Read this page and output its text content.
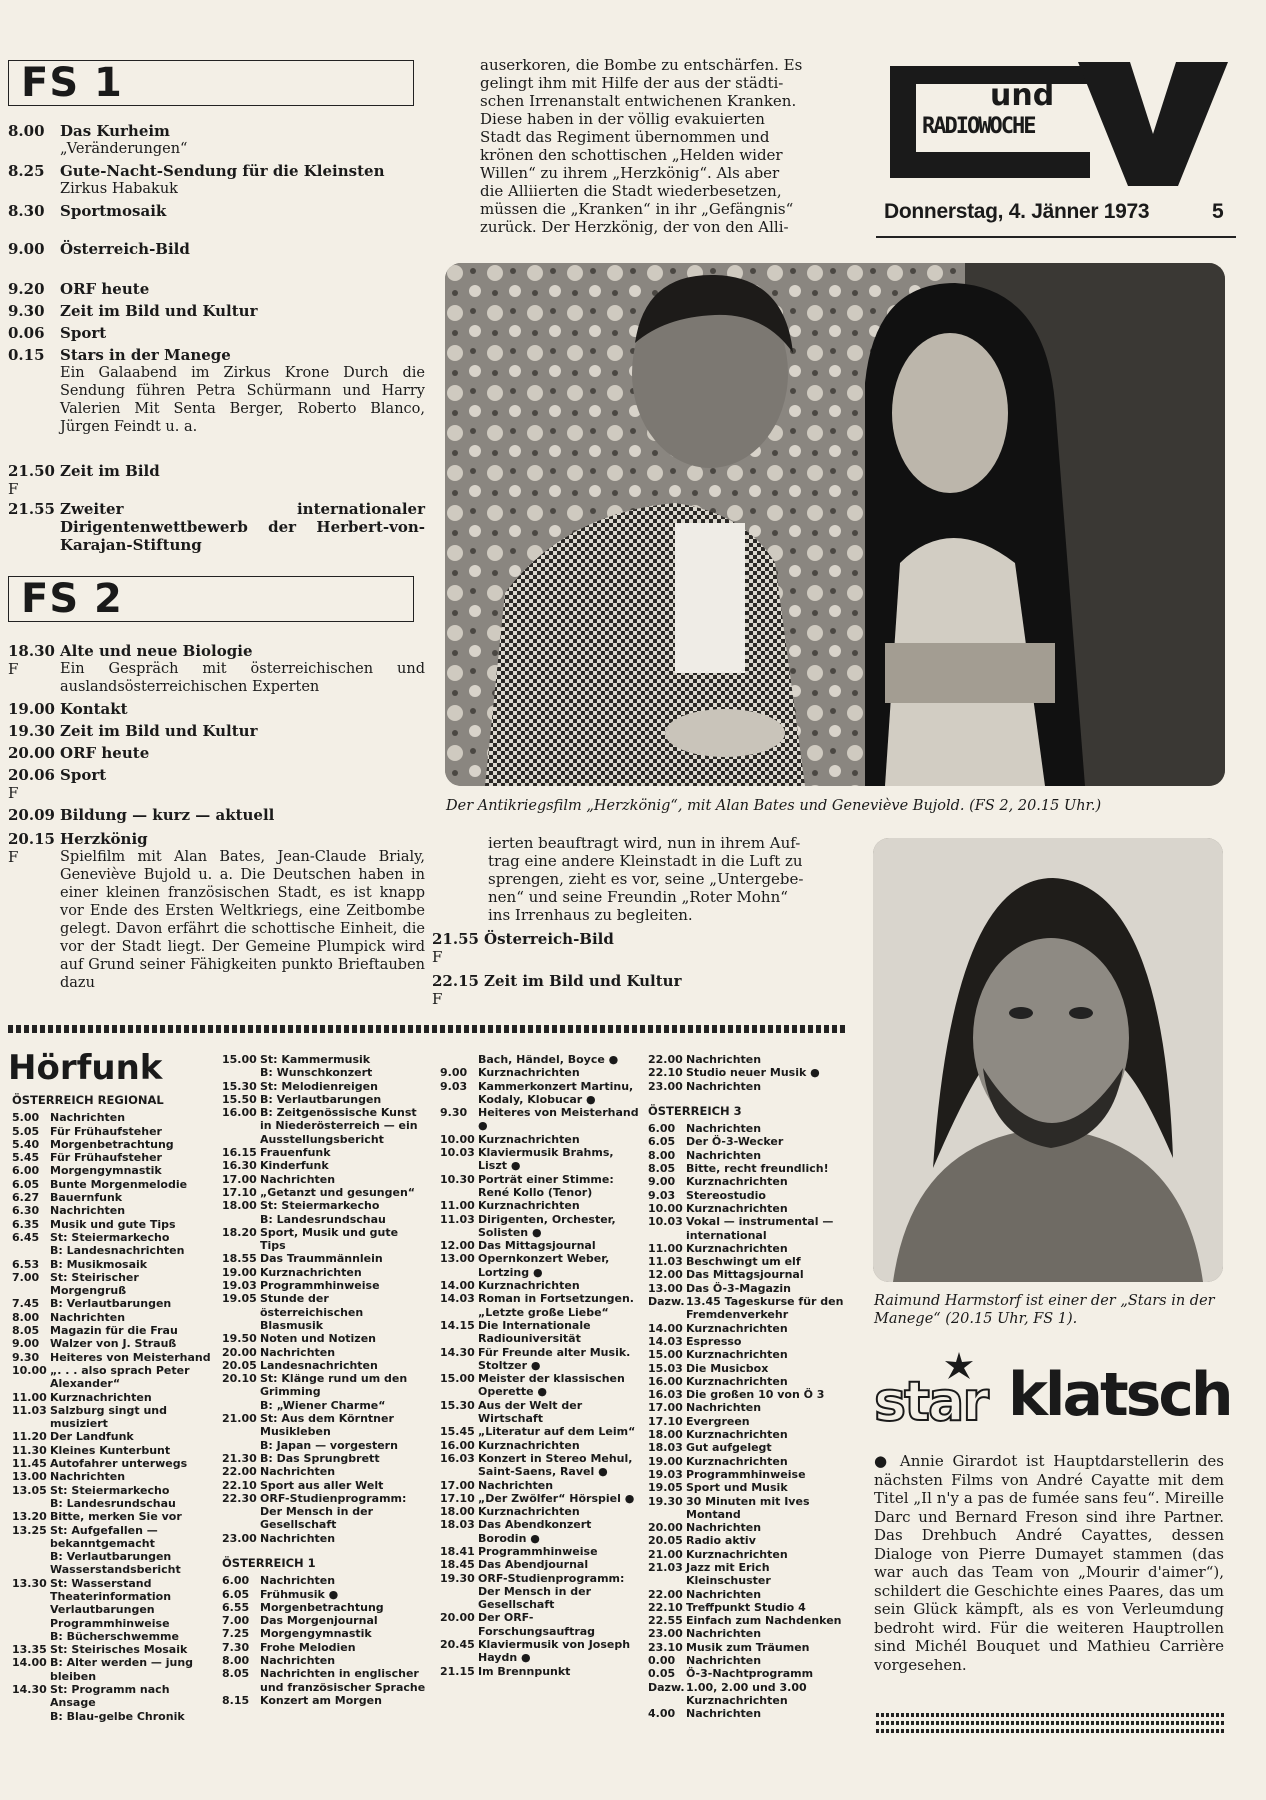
FS 1
8.00	Das Kurheim
„Veränderungen“
8.25	Gute-Nacht-Sendung für die Kleinsten
Zirkus Habakuk
8.30	Sportmosaik
9.00	Österreich-Bild
9.20	ORF heute
9.30	Zeit im Bild und Kultur
0.06	Sport
0.15	Stars in der Manege
Ein Galaabend im Zirkus Krone Durch die Sendung führen Petra Schürmann und Harry Valerien Mit Senta Berger, Roberto Blanco, Jürgen Feindt u. a.
21.50 Zeit im Bild
F
21.55 Zweiter internationaler Dirigentenwettbewerb der Herbert-von-Karajan-Stiftung
FS 2
18.30 Alte und neue Biologie
F	Ein Gespräch mit österreichischen und auslandsösterreichischen Experten
19.00 Kontakt
19.30 Zeit im Bild und Kultur
20.00 ORF heute
20.06 Sport
F
20.09 Bildung — kurz — aktuell
20.15 Herzkönig
F	Spielfilm mit Alan Bates, Jean-Claude Brialy, Geneviève Bujold u. a. Die Deutschen haben in einer kleinen französischen Stadt, es ist knapp vor Ende des Ersten Weltkriegs, eine Zeitbombe gelegt. Davon erfährt die schottische Einheit, die vor der Stadt liegt. Der Gemeine Plumpick wird auf Grund seiner Fähigkeiten punkto Brieftauben dazu
auserkoren, die Bombe zu entschärfen. Es
gelingt ihm mit Hilfe der aus der städti-
schen Irrenanstalt entwichenen Kranken.
Diese haben in der völlig evakuierten
Stadt das Regiment übernommen und
krönen den schottischen „Helden wider
Willen“ zu ihrem „Herzkönig“. Als aber
die Alliierten die Stadt wiederbesetzen,
müssen die „Kranken“ in ihr „Gefängnis“
zurück. Der Herzkönig, der von den Alli-
und
RADIOWOCHE
Donnerstag, 4. Jänner 1973	5
Der Antikriegsfilm „Herzkönig“, mit Alan Bates und Geneviève Bujold. (FS 2, 20.15 Uhr.)
ierten beauftragt wird, nun in ihrem Auf-
trag eine andere Kleinstadt in die Luft zu
sprengen, zieht es vor, seine „Untergebe-
nen“ und seine Freundin „Roter Mohn“
ins Irrenhaus zu begleiten.
21.55 Österreich-Bild
F
22.15 Zeit im Bild und Kultur
F
Raimund Harmstorf ist einer der „Stars in der Manege“ (20.15 Uhr, FS 1).
Hörfunk
ÖSTERREICH REGIONAL
5.00 Nachrichten
5.05 Für Frühaufsteher
5.40 Morgenbetrachtung
5.45 Für Frühaufsteher
6.00 Morgengymnastik
6.05 Bunte Morgenmelodie
6.27 Bauernfunk
6.30 Nachrichten
6.35 Musik und gute Tips
6.45 St: Steiermarkecho
B: Landesnachrichten
6.53 B: Musikmosaik
7.00 St: Steirischer Morgengruß
7.45 B: Verlautbarungen
8.00 Nachrichten
8.05 Magazin für die Frau
9.00 Walzer von J. Strauß
9.30 Heiteres von Meisterhand
10.00 „. . . also sprach Peter Alexander“
11.00 Kurznachrichten
11.03 Salzburg singt und musiziert
11.20 Der Landfunk
11.30 Kleines Kunterbunt
11.45 Autofahrer unterwegs
13.00 Nachrichten
13.05 St: Steiermarkecho
B: Landesrundschau
13.20 Bitte, merken Sie vor
13.25 St: Aufgefallen — bekanntgemacht
B: Verlautbarungen Wasserstandsbericht
13.30 St: Wasserstand Theaterinformation Verlautbarungen Programmhinweise
B: Bücherschwemme
13.35 St: Steirisches Mosaik
14.00 B: Alter werden — jung bleiben
14.30 St: Programm nach Ansage
B: Blau-gelbe Chronik
15.00 St: Kammermusik
B: Wunschkonzert
15.30 St: Melodienreigen
15.50 B: Verlautbarungen
16.00 B: Zeitgenössische Kunst in Niederösterreich — ein Ausstellungsbericht
16.15 Frauenfunk
16.30 Kinderfunk
17.00 Nachrichten
17.10 „Getanzt und gesungen“
18.00 St: Steiermarkecho
B: Landesrundschau
18.20 Sport, Musik und gute Tips
18.55 Das Traummännlein
19.00 Kurznachrichten
19.03 Programmhinweise
19.05 Stunde der österreichischen Blasmusik
19.50 Noten und Notizen
20.00 Nachrichten
20.05 Landesnachrichten
20.10 St: Klänge rund um den Grimming
B: „Wiener Charme“
21.00 St: Aus dem Körntner Musikleben
B: Japan — vorgestern
21.30 B: Das Sprungbrett
22.00 Nachrichten
22.10 Sport aus aller Welt
22.30 ORF-Studienprogramm: Der Mensch in der Gesellschaft
23.00 Nachrichten
ÖSTERREICH 1
6.00 Nachrichten
6.05 Frühmusik ●
6.55 Morgenbetrachtung
7.00 Das Morgenjournal
7.25 Morgengymnastik
7.30 Frohe Melodien
8.00 Nachrichten
8.05 Nachrichten in englischer und französischer Sprache
8.15 Konzert am Morgen
Bach, Händel, Boyce ●
9.00 Kurznachrichten
9.03 Kammerkonzert Martinu, Kodaly, Klobucar ●
9.30 Heiteres von Meisterhand ●
10.00 Kurznachrichten
10.03 Klaviermusik Brahms, Liszt ●
10.30 Porträt einer Stimme: René Kollo (Tenor)
11.00 Kurznachrichten
11.03 Dirigenten, Orchester, Solisten ●
12.00 Das Mittagsjournal
13.00 Opernkonzert Weber, Lortzing ●
14.00 Kurznachrichten
14.03 Roman in Fortsetzungen. „Letzte große Liebe“
14.15 Die Internationale Radiouniversität
14.30 Für Freunde alter Musik. Stoltzer ●
15.00 Meister der klassischen Operette ●
15.30 Aus der Welt der Wirtschaft
15.45 „Literatur auf dem Leim“
16.00 Kurznachrichten
16.03 Konzert in Stereo Mehul, Saint-Saens, Ravel ●
17.00 Nachrichten
17.10 „Der Zwölfer“ Hörspiel ●
18.00 Kurznachrichten
18.03 Das Abendkonzert Borodin ●
18.41 Programmhinweise
18.45 Das Abendjournal
19.30 ORF-Studienprogramm: Der Mensch in der Gesellschaft
20.00 Der ORF-Forschungsauftrag
20.45 Klaviermusik von Joseph Haydn ●
21.15 Im Brennpunkt
22.00 Nachrichten
22.10 Studio neuer Musik ●
23.00 Nachrichten
ÖSTERREICH 3
6.00 Nachrichten
6.05 Der Ö-3-Wecker
8.00 Nachrichten
8.05 Bitte, recht freundlich!
9.00 Kurznachrichten
9.03 Stereostudio
10.00 Kurznachrichten
10.03 Vokal — instrumental — international
11.00 Kurznachrichten
11.03 Beschwingt um elf
12.00 Das Mittagsjournal
13.00 Das Ö-3-Magazin
Dazw. 13.45 Tageskurse für den Fremdenverkehr
14.00 Kurznachrichten
14.03 Espresso
15.00 Kurznachrichten
15.03 Die Musicbox
16.00 Kurznachrichten
16.03 Die großen 10 von Ö 3
17.00 Nachrichten
17.10 Evergreen
18.00 Kurznachrichten
18.03 Gut aufgelegt
19.00 Kurznachrichten
19.03 Programmhinweise
19.05 Sport und Musik
19.30 30 Minuten mit Ives Montand
20.00 Nachrichten
20.05 Radio aktiv
21.00 Kurznachrichten
21.03 Jazz mit Erich Kleinschuster
22.00 Nachrichten
22.10 Treffpunkt Studio 4
22.55 Einfach zum Nachdenken
23.00 Nachrichten
23.10 Musik zum Träumen
0.00 Nachrichten
0.05 Ö-3-Nachtprogramm
Dazw. 1.00, 2.00 und 3.00 Kurznachrichten
4.00 Nachrichten
star klatsch
● Annie Girardot ist Hauptdarstellerin des nächsten Films von André Cayatte mit dem Titel „Il n'y a pas de fumée sans feu“. Mireille Darc und Bernard Freson sind ihre Partner. Das Drehbuch André Cayattes, dessen Dialoge von Pierre Dumayet stammen (das war auch das Team von „Mourir d'aimer“), schildert die Geschichte eines Paares, das um sein Glück kämpft, als es von Verleumdung bedroht wird. Für die weiteren Hauptrollen sind Michél Bouquet und Mathieu Carrière vorgesehen.
